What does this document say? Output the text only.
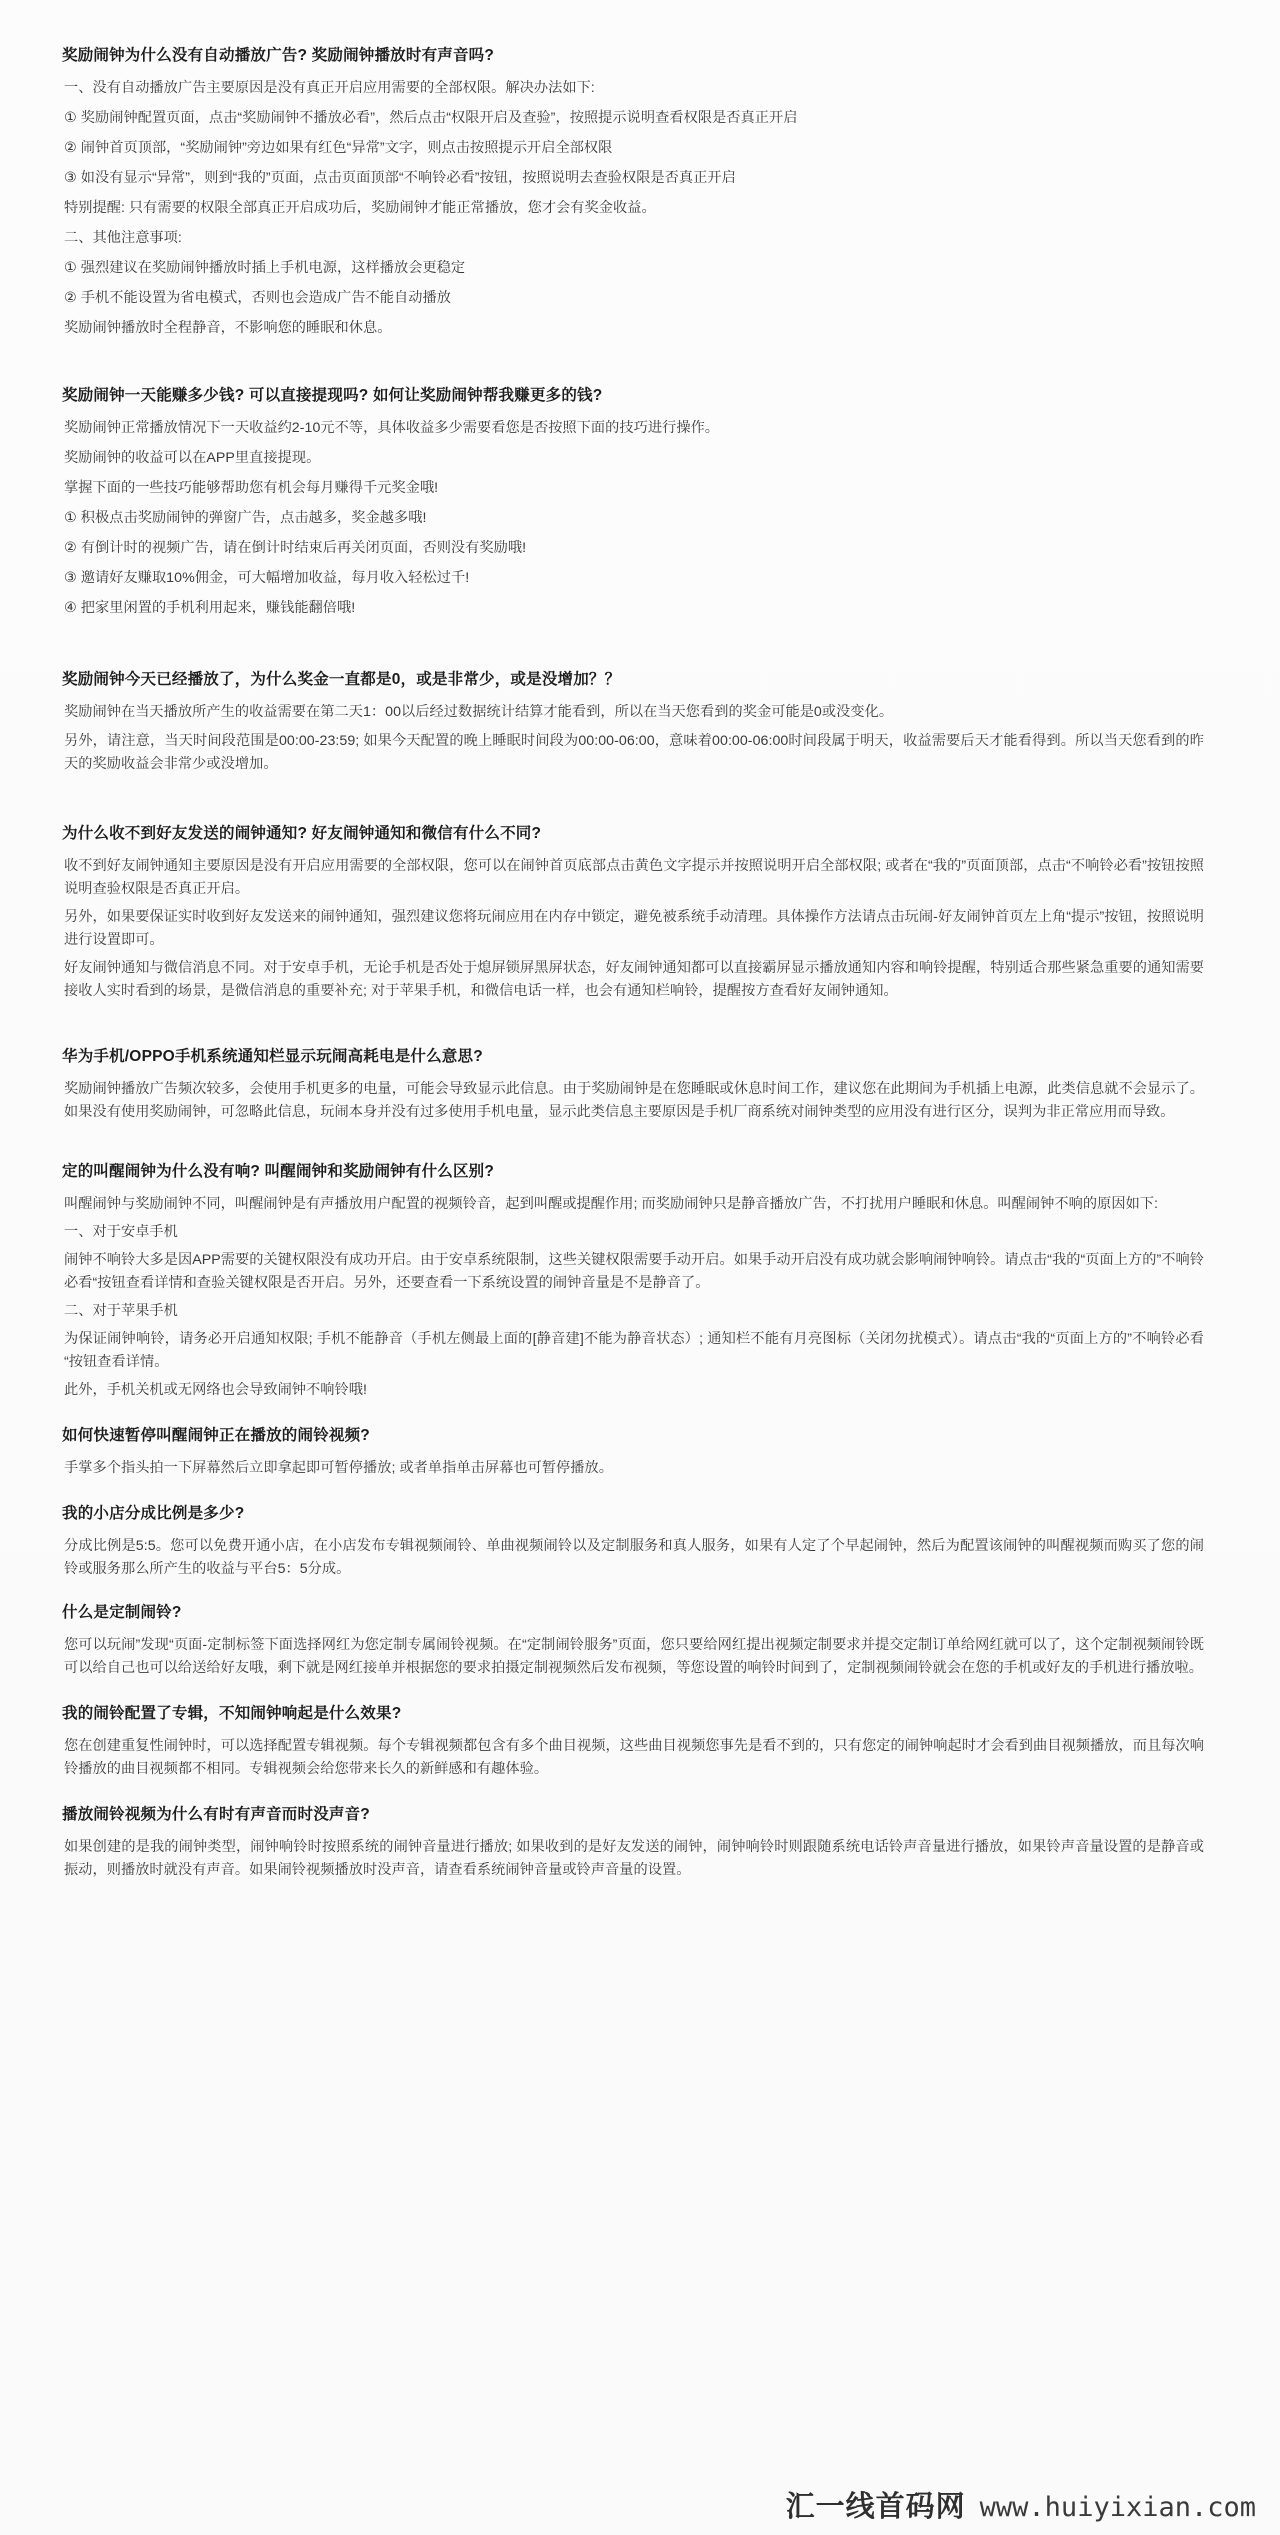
奖励闹钟为什么没有自动播放广告? 奖励闹钟播放时有声音吗?

一、没有自动播放广告主要原因是没有真正开启应用需要的全部权限。解决办法如下:

① 奖励闹钟配置页面，点击“奖励闹钟不播放必看”，然后点击“权限开启及查验”，按照提示说明查看权限是否真正开启

② 闹钟首页顶部，“奖励闹钟”旁边如果有红色“异常”文字，则点击按照提示开启全部权限

③ 如没有显示“异常”，则到“我的”页面，点击页面顶部“不响铃必看”按钮，按照说明去查验权限是否真正开启

特别提醒: 只有需要的权限全部真正开启成功后，奖励闹钟才能正常播放，您才会有奖金收益。

二、其他注意事项:

① 强烈建议在奖励闹钟播放时插上手机电源，这样播放会更稳定

② 手机不能设置为省电模式，否则也会造成广告不能自动播放

奖励闹钟播放时全程静音，不影响您的睡眠和休息。

奖励闹钟一天能赚多少钱? 可以直接提现吗? 如何让奖励闹钟帮我赚更多的钱?

奖励闹钟正常播放情况下一天收益约2-10元不等，具体收益多少需要看您是否按照下面的技巧进行操作。

奖励闹钟的收益可以在APP里直接提现。

掌握下面的一些技巧能够帮助您有机会每月赚得千元奖金哦!

① 积极点击奖励闹钟的弹窗广告，点击越多，奖金越多哦!

② 有倒计时的视频广告，请在倒计时结束后再关闭页面，否则没有奖励哦!

③ 邀请好友赚取10%佣金，可大幅增加收益，每月收入轻松过千!

④ 把家里闲置的手机利用起来，赚钱能翻倍哦!

奖励闹钟今天已经播放了，为什么奖金一直都是0，或是非常少，或是没增加？？

奖励闹钟在当天播放所产生的收益需要在第二天1：00以后经过数据统计结算才能看到，所以在当天您看到的奖金可能是0或没变化。

另外，请注意，当天时间段范围是00:00-23:59; 如果今天配置的晚上睡眠时间段为00:00-06:00，意味着00:00-06:00时间段属于明天，收益需要后天才能看得到。所以当天您看到的昨天的奖励收益会非常少或没增加。

为什么收不到好友发送的闹钟通知? 好友闹钟通知和微信有什么不同?

收不到好友闹钟通知主要原因是没有开启应用需要的全部权限，您可以在闹钟首页底部点击黄色文字提示并按照说明开启全部权限; 或者在“我的”页面顶部，点击“不响铃必看”按钮按照说明查验权限是否真正开启。

另外，如果要保证实时收到好友发送来的闹钟通知，强烈建议您将玩闹应用在内存中锁定，避免被系统手动清理。具体操作方法请点击玩闹-好友闹钟首页左上角“提示”按钮，按照说明进行设置即可。

好友闹钟通知与微信消息不同。对于安卓手机，无论手机是否处于熄屏锁屏黑屏状态，好友闹钟通知都可以直接霸屏显示播放通知内容和响铃提醒，特别适合那些紧急重要的通知需要接收人实时看到的场景，是微信消息的重要补充; 对于苹果手机，和微信电话一样，也会有通知栏响铃，提醒按方查看好友闹钟通知。

华为手机/OPPO手机系统通知栏显示玩闹高耗电是什么意思?

奖励闹钟播放广告频次较多，会使用手机更多的电量，可能会导致显示此信息。由于奖励闹钟是在您睡眠或休息时间工作，建议您在此期间为手机插上电源，此类信息就不会显示了。如果没有使用奖励闹钟，可忽略此信息，玩闹本身并没有过多使用手机电量，显示此类信息主要原因是手机厂商系统对闹钟类型的应用没有进行区分，误判为非正常应用而导致。

定的叫醒闹钟为什么没有响? 叫醒闹钟和奖励闹钟有什么区别?

叫醒闹钟与奖励闹钟不同，叫醒闹钟是有声播放用户配置的视频铃音，起到叫醒或提醒作用; 而奖励闹钟只是静音播放广告，不打扰用户睡眠和休息。叫醒闹钟不响的原因如下:

一、对于安卓手机

闹钟不响铃大多是因APP需要的关键权限没有成功开启。由于安卓系统限制，这些关键权限需要手动开启。如果手动开启没有成功就会影响闹钟响铃。请点击“我的“页面上方的”不响铃必看“按钮查看详情和查验关键权限是否开启。另外，还要查看一下系统设置的闹钟音量是不是静音了。

二、对于苹果手机

为保证闹钟响铃，请务必开启通知权限; 手机不能静音（手机左侧最上面的[静音建]不能为静音状态）; 通知栏不能有月亮图标（关闭勿扰模式）。请点击“我的“页面上方的”不响铃必看“按钮查看详情。

此外，手机关机或无网络也会导致闹钟不响铃哦!

如何快速暂停叫醒闹钟正在播放的闹铃视频?

手掌多个指头拍一下屏幕然后立即拿起即可暂停播放; 或者单指单击屏幕也可暂停播放。

我的小店分成比例是多少?

分成比例是5:5。您可以免费开通小店，在小店发布专辑视频闹铃、单曲视频闹铃以及定制服务和真人服务，如果有人定了个早起闹钟，然后为配置该闹钟的叫醒视频而购买了您的闹铃或服务那么所产生的收益与平台5：5分成。

什么是定制闹铃?

您可以玩闹”发现“页面-定制标签下面选择网红为您定制专属闹铃视频。在“定制闹铃服务”页面，您只要给网红提出视频定制要求并提交定制订单给网红就可以了，这个定制视频闹铃既可以给自己也可以给送给好友哦，剩下就是网红接单并根据您的要求拍摄定制视频然后发布视频，等您设置的响铃时间到了，定制视频闹铃就会在您的手机或好友的手机进行播放啦。

我的闹铃配置了专辑，不知闹钟响起是什么效果?

您在创建重复性闹钟时，可以选择配置专辑视频。每个专辑视频都包含有多个曲目视频，这些曲目视频您事先是看不到的，只有您定的闹钟响起时才会看到曲目视频播放，而且每次响铃播放的曲目视频都不相同。专辑视频会给您带来长久的新鲜感和有趣体验。

播放闹铃视频为什么有时有声音而时没声音?

如果创建的是我的闹钟类型，闹钟响铃时按照系统的闹钟音量进行播放; 如果收到的是好友发送的闹钟，闹钟响铃时则跟随系统电话铃声音量进行播放，如果铃声音量设置的是静音或振动，则播放时就没有声音。如果闹铃视频播放时没声音，请查看系统闹钟音量或铃声音量的设置。

汇一线首码网 www.huiyixian.com
